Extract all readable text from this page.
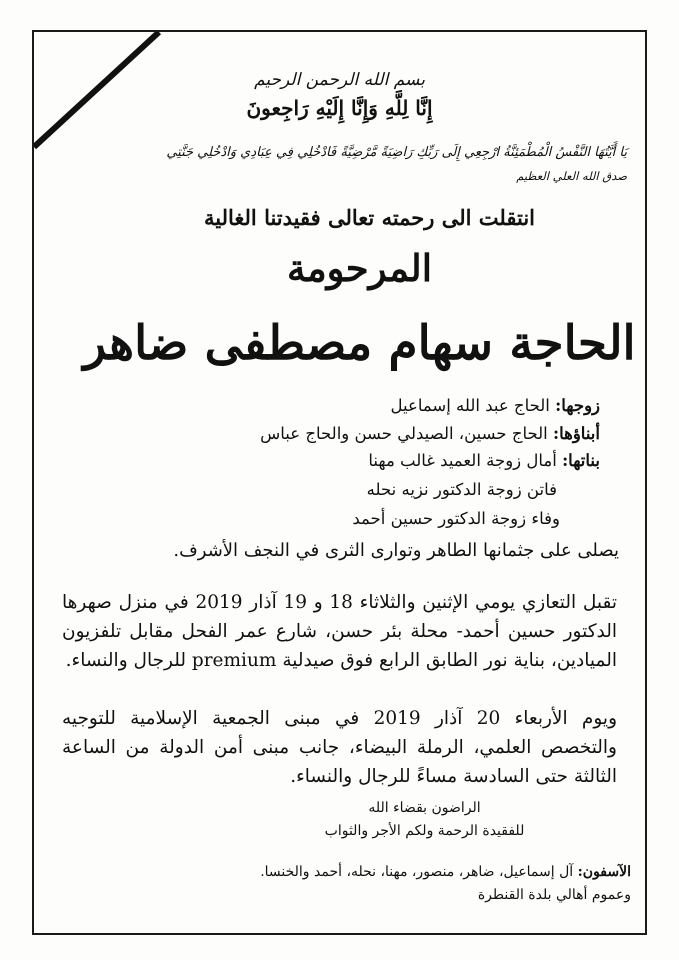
بسم الله الرحمن الرحيم
إِنَّا لِلَّهِ وَإِنَّا إِلَيْهِ رَاجِعونَ
يَا أَيَّتُهَا النَّفْسُ الْمُطْمَئِنَّةُ ارْجِعِي إِلَى رَبِّكِ رَاضِيَةً مَّرْضِيَّةً فَادْخُلِي فِي عِبَادِي وَادْخُلِي جَنَّتِي
صدق الله العلي العظيم
انتقلت الى رحمته تعالى فقيدتنا الغالية
المرحومة
الحاجة سهام مصطفى ضاهر
زوجها: الحاج عبد الله إسماعيل
أبناؤها: الحاج حسين، الصيدلي حسن والحاج عباس
بناتها: أمال زوجة العميد غالب مهنا
فاتن زوجة الدكتور نزيه نحله
وفاء زوجة الدكتور حسين أحمد
يصلى على جثمانها الطاهر وتوارى الثرى في النجف الأشرف.
تقبل التعازي يومي الإثنين والثلاثاء 18 و 19 آذار 2019 في منزل صهرها الدكتور حسين أحمد- محلة بئر حسن، شارع عمر الفحل مقابل تلفزيون الميادين، بناية نور الطابق الرابع فوق صيدلية premium للرجال والنساء.
ويوم الأربعاء 20 آذار 2019 في مبنى الجمعية الإسلامية للتوجيه والتخصص العلمي، الرملة البيضاء، جانب مبنى أمن الدولة من الساعة الثالثة حتى السادسة مساءً للرجال والنساء.
الراضون بقضاء الله
للفقيدة الرحمة ولكم الأجر والثواب
الآسفون: آل إسماعيل، ضاهر، منصور، مهنا، نحله، أحمد والخنسا.
وعموم أهالي بلدة القنطرة
